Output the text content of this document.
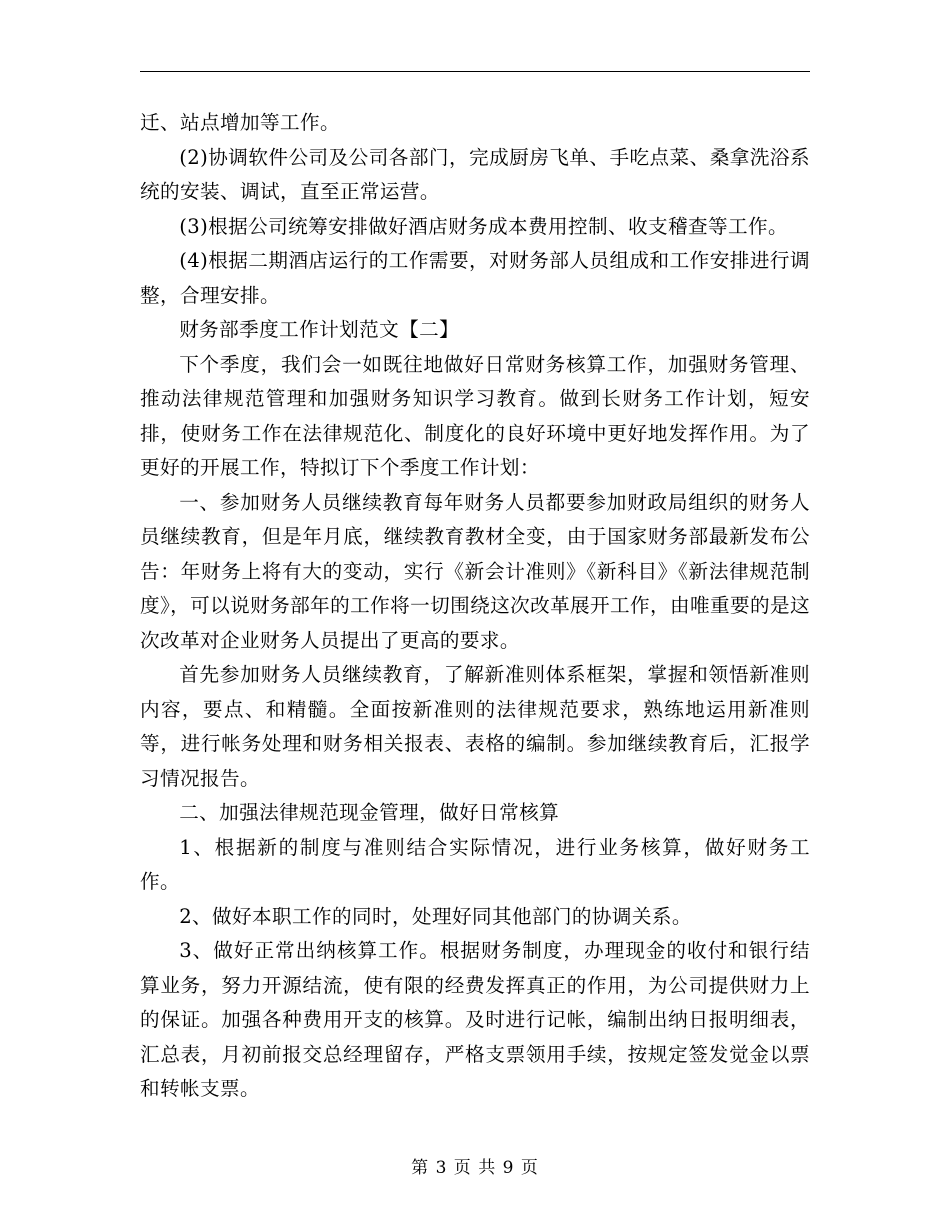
迁、站点增加等工作。

(2)协调软件公司及公司各部门，完成厨房飞单、手吃点菜、桑拿洗浴系统的安装、调试，直至正常运营。

(3)根据公司统筹安排做好酒店财务成本费用控制、收支稽查等工作。

(4)根据二期酒店运行的工作需要，对财务部人员组成和工作安排进行调整，合理安排。

财务部季度工作计划范文【二】

下个季度，我们会一如既往地做好日常财务核算工作，加强财务管理、推动法律规范管理和加强财务知识学习教育。做到长财务工作计划，短安排，使财务工作在法律规范化、制度化的良好环境中更好地发挥作用。为了更好的开展工作，特拟订下个季度工作计划：

一、参加财务人员继续教育每年财务人员都要参加财政局组织的财务人员继续教育，但是年月底，继续教育教材全变，由于国家财务部最新发布公告：年财务上将有大的变动，实行《新会计准则》《新科目》《新法律规范制度》，可以说财务部年的工作将一切围绕这次改革展开工作，由唯重要的是这次改革对企业财务人员提出了更高的要求。

首先参加财务人员继续教育，了解新准则体系框架，掌握和领悟新准则内容，要点、和精髓。全面按新准则的法律规范要求，熟练地运用新准则等，进行帐务处理和财务相关报表、表格的编制。参加继续教育后，汇报学习情况报告。

二、加强法律规范现金管理，做好日常核算

1、根据新的制度与准则结合实际情况，进行业务核算，做好财务工作。

2、做好本职工作的同时，处理好同其他部门的协调关系。

3、做好正常出纳核算工作。根据财务制度，办理现金的收付和银行结算业务，努力开源结流，使有限的经费发挥真正的作用，为公司提供财力上的保证。加强各种费用开支的核算。及时进行记帐，编制出纳日报明细表，汇总表，月初前报交总经理留存，严格支票领用手续，按规定签发觉金以票和转帐支票。

第 3 页 共 9 页
